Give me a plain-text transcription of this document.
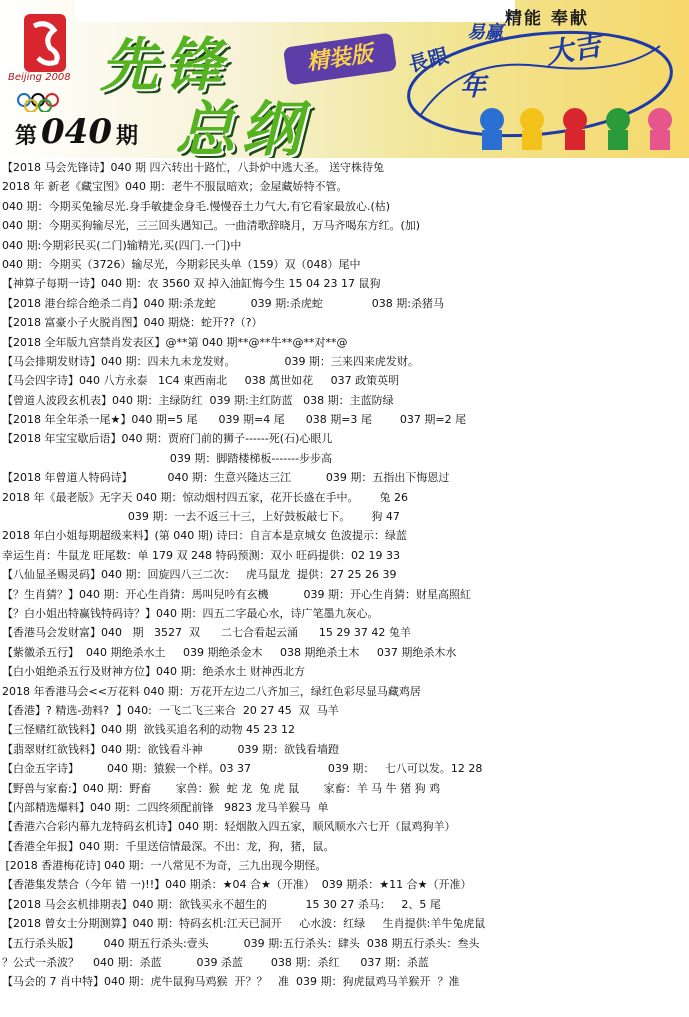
精能 奉献
易赢
Beijing 2008 先锋
总纲
精装版
第 040 期
長跟	大吉
年
【2018 马会先锋诗】040 期 四六转出十路忙，八卦炉中逃大圣。 送守株待兔
2018 年 新老《藏宝图》040 期：老牛不服鼠暗欢；金屋藏娇特不管。
040 期：今期买兔输尽光.身手敏捷金身毛.慢慢吞土力气大,有它看家最放心.(枯)
040 期：今期买狗输尽光，三三回头遇知己。一曲清歌辞晓月，万马齐喝东方红。(加)
040 期:今期彩民买(二门)输精光,买(四门.一门)中
040 期：今期买（3726）输尽光，今期彩民头单（159）双（048）尾中
【神算子每期一诗】040 期：农 3560 双 掉入油缸悔今生 15 04 23 17 鼠狗
【2018 港台综合绝杀二肖】040 期:杀龙蛇          039 期:杀虎蛇              038 期:杀猪马
【2018 富豪小子火脱肖图】040 期烧：蛇开??（?）
【2018 全年版九宫禁肖发表区】@**第 040 期**@**牛**@**对**@
【马会排期发财诗】040 期：四未九未龙发财。              039 期：三来四来虎发财。
【马会四字诗】040 八方永泰   1C4 東西南北     038 萬世如花     037 政策英明
【曾道人波段玄机表】040 期：主绿防红  039 期:主红防蓝   038 期：主蓝防绿
【2018 年全年杀一尾★】040 期=5 尾      039 期=4 尾      038 期=3 尾        037 期=2 尾
【2018 年宝宝歇后语】040 期：贾府门前的狮子------死(石)心眼儿
039 期：脚踏楼梯板-------步步高
【2018 年曾道人特码诗】          040 期：生意兴隆达三江          039 期：五指出下悔恩过
2018 年《最老版》无字天 040 期：惊动烟村四五家，花开长盛在手中。      兔 26
039 期：一去不返三十三，上好鼓板敲七下。      狗 47
2018 年白小姐每期超级来料】(第 040 期) 诗曰：自言本是京城女 色波提示：绿蓝
幸运生肖：牛鼠龙 旺尾数：单 179 双 248 特码预测：双小 旺码提供：02 19 33
【八仙显圣赐灵码】040 期：回旋四八三二次：   虎马鼠龙  提供：27 25 26 39
【？生肖猜？】040 期：开心生肖猜：馬叫兒吟有玄機          039 期：开心生肖猜：财星高照紅
【？白小姐出特赢钱特码诗？】040 期：四五二字最心水，诗广笔墨九灰心。
【香港马会发财富】040   期   3527  双      二七合看起云涌      15 29 37 42 兔羊
【紫徽杀五行】  040 期绝杀水土     039 期绝杀金木     038 期绝杀土木     037 期绝杀木水
【白小姐绝杀五行及财神方位】040 期：绝杀水土 财神西北方
2018 年香港马会<<万花料 040 期：万花开左边二八齐加三，绿红色彩尽显马藏鸡居
【香港】? 精选-劲料?  】040:  一飞二飞三来合  20 27 45  双  马羊
【三怪赌红欲钱料】040 期  欲钱买追名利的动物 45 23 12
【翡翠财红欲钱料】040 期：欲钱看斗神          039 期：欲钱看墙蹬
【白金五字诗】        040 期：猿猴一个样。03 37                      039 期：   七八可以发。12 28
【野兽与家畜:】040 期：野畜       家兽：猴  蛇 龙  兔 虎 鼠       家畜：羊 马 牛 猪 狗 鸡
【内部精选爆料】040 期：二四终须配前锋   9823 龙马羊猴马  单
【香港六合彩内幕九龙特码玄机诗】040 期：轻烟散入四五家，顺风顺水六七开（鼠鸡狗羊）
【香港全年报】040 期：千里送信情最深。不出：龙，狗，猪，鼠。
[2018 香港梅花诗] 040 期：一八常见不为奇，三九出现今期怪。
【香港集发禁合（今年 错 一)!!】040 期杀：★04 合★（开准）  039 期杀：★11 合★（开准）
【2018 马会玄机排期表】040 期：欲钱买永不超生的           15 30 27 杀马：   2、5 尾
【2018 曾女士分期测算】040 期：特码玄机:江天已洞开     心水波：红绿     生肖提供:羊牛兔虎鼠
【五行杀头版】       040 期五行杀头:壹头          039 期:五行杀头：肆头  038 期五行杀头：叁头
？公式一杀波？    040 期：杀蓝          039 杀蓝        038 期：杀红      037 期：杀蓝
【马会的 7 肖中特】040 期：虎牛鼠狗马鸡猴  开？？   准  039 期：狗虎鼠鸡马羊猴开  ？准
